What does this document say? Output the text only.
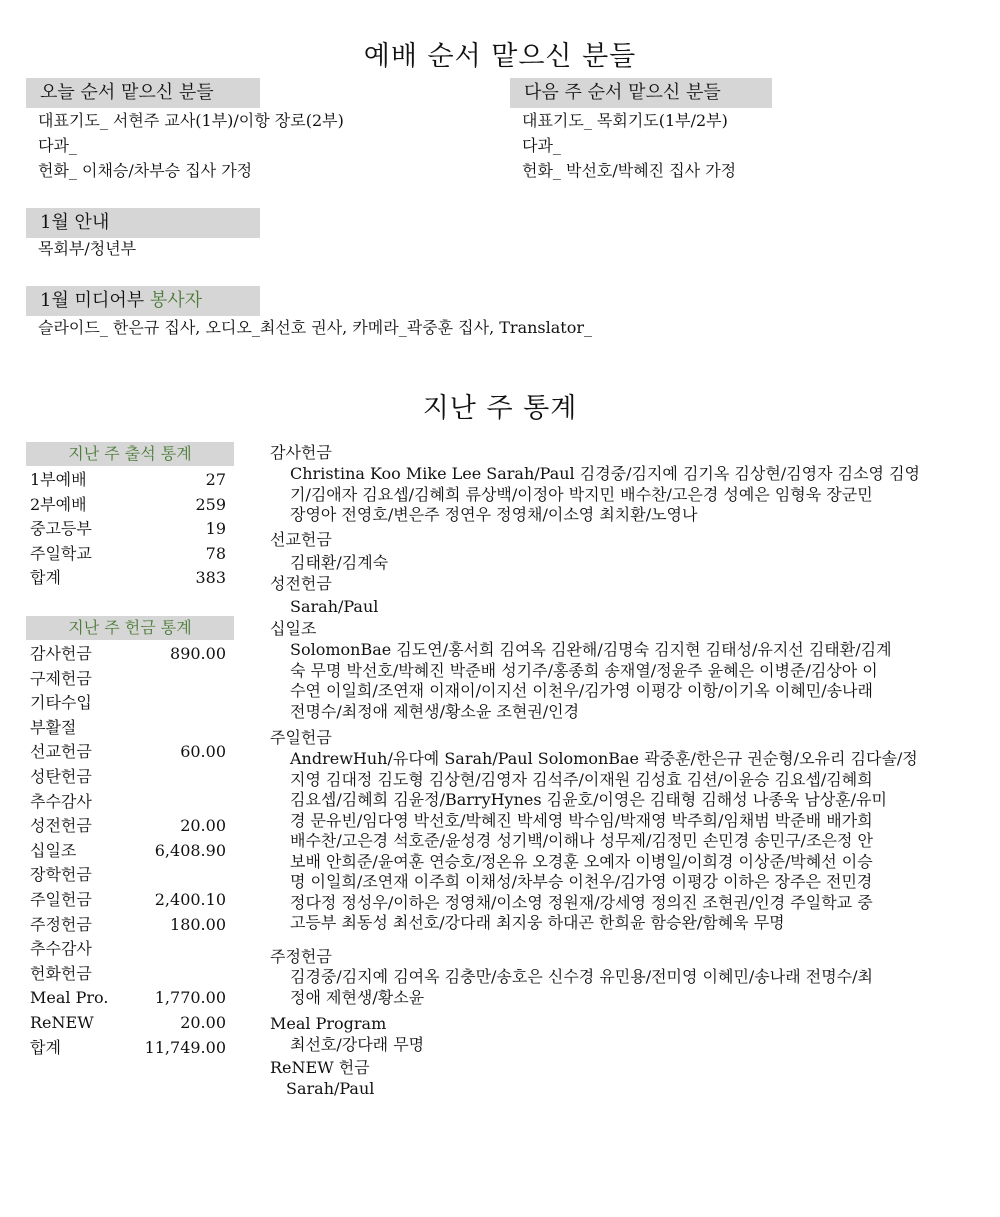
예배 순서 맡으신 분들
오늘 순서 맡으신 분들
대표기도_ 서현주 교사(1부)/이항 장로(2부)
다과_
헌화_ 이채승/차부승 집사 가정
다음 주 순서 맡으신 분들
대표기도_ 목회기도(1부/2부)
다과_
헌화_ 박선호/박혜진 집사 가정
1월 안내
목회부/청년부
1월 미디어부 봉사자
슬라이드_ 한은규 집사, 오디오_최선호 권사, 카메라_곽중훈 집사, Translator_
지난 주 통계
지난 주 출석 통계
1부예배	27
2부예배	259
중고등부	19
주일학교	78
합계	383
지난 주 헌금 통계
감사헌금	890.00
구제헌금
기타수입
부활절
선교헌금	60.00
성탄헌금
추수감사
성전헌금	20.00
십일조	6,408.90
장학헌금
주일헌금	2,400.10
주정헌금	180.00
추수감사
헌화헌금
Meal Pro.	1,770.00
ReNEW	20.00
합계	11,749.00
감사헌금
Christina Koo Mike Lee Sarah/Paul 김경중/김지예 김기옥 김상현/김영자 김소영 김영
기/김애자 김요셉/김혜희 류상백/이정아 박지민 배수찬/고은경 성예은 임형욱 장군민
장영아 전영호/변은주 정연우 정영채/이소영 최치환/노영나
선교헌금
김태환/김계숙
성전헌금
Sarah/Paul
십일조
SolomonBae 김도연/홍서희 김여옥 김완해/김명숙 김지현 김태성/유지선 김태환/김계
숙 무명 박선호/박혜진 박준배 성기주/홍종희 송재열/정윤주 윤혜은 이병준/김상아 이
수연 이일희/조연재 이재이/이지선 이천우/김가영 이평강 이항/이기옥 이혜민/송나래
전명수/최정애 제현생/황소윤 조현권/인경
주일헌금
AndrewHuh/유다예 Sarah/Paul SolomonBae 곽중훈/한은규 권순형/오유리 김다솔/정
지영 김대정 김도형 김상현/김영자 김석주/이재원 김성효 김션/이윤승 김요셉/김혜희
김요셉/김혜희 김윤정/BarryHynes 김윤호/이영은 김태형 김해성 나종욱 남상훈/유미
경 문유빈/임다영 박선호/박혜진 박세영 박수임/박재영 박주희/임채범 박준배 배가희
배수찬/고은경 석호준/윤성경 성기백/이해나 성무제/김정민 손민경 송민구/조은정 안
보배 안희준/윤여훈 연승호/정온유 오경훈 오예자 이병일/이희경 이상준/박혜선 이승
명 이일희/조연재 이주희 이채성/차부승 이천우/김가영 이평강 이하은 장주은 전민경
정다정 정성우/이하은 정영채/이소영 정원재/강세영 정의진 조현권/인경 주일학교 중
고등부 최동성 최선호/강다래 최지웅 하대곤 한희윤 함승완/함혜욱 무명
주정헌금
김경중/김지예 김여옥 김충만/송호은 신수경 유민용/전미영 이혜민/송나래 전명수/최
정애 제현생/황소윤
Meal Program
최선호/강다래 무명
ReNEW 헌금
Sarah/Paul
